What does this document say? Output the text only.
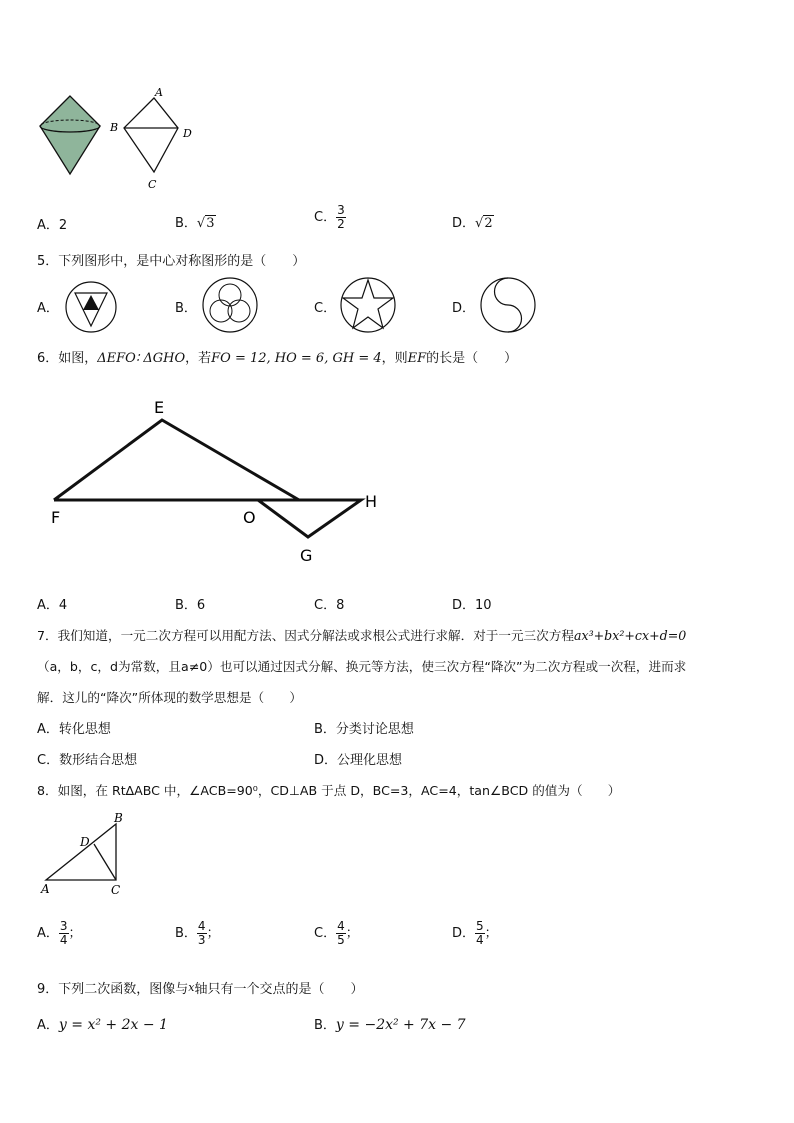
A
B	D
C
A．2	B．√3	C． $\frac{3}{2}$	D．√2
5．下列图形中，是中心对称图形的是（　　）
A．	B．	C．	D．
6．如图，ΔEFO∶ ΔGHO，若FO = 12, HO = 6, GH = 4，则EF的长是（　　）
E
F	O
H
G
A．4	B．6	C．8	D．10
7．我们知道，一元二次方程可以用配方法、因式分解法或求根公式进行求解．对于一元三次方程ax³+bx²+cx+d=0
（a，b，c，d为常数，且a≠0）也可以通过因式分解、换元等方法，使三次方程“降次”为二次方程或一次程，进而求
解．这儿的“降次”所体现的数学思想是（　　）
A．转化思想	B．分类讨论思想
C．数形结合思想	D．公理化思想
8．如图，在 Rt∆ABC 中，∠ACB=90⁰，CD⊥AB 于点 D，BC=3，AC=4，tan∠BCD 的值为（　　）
B
D
A	C
A． $\frac{3}{4}$ ；	B． $\frac{4}{3}$ ；	C． $\frac{4}{5}$ ；	D． $\frac{5}{4}$ ；
9．下列二次函数，图像与x轴只有一个交点的是（　　）
A．y = x² + 2x − 1	B．y = −2x² + 7x − 7
